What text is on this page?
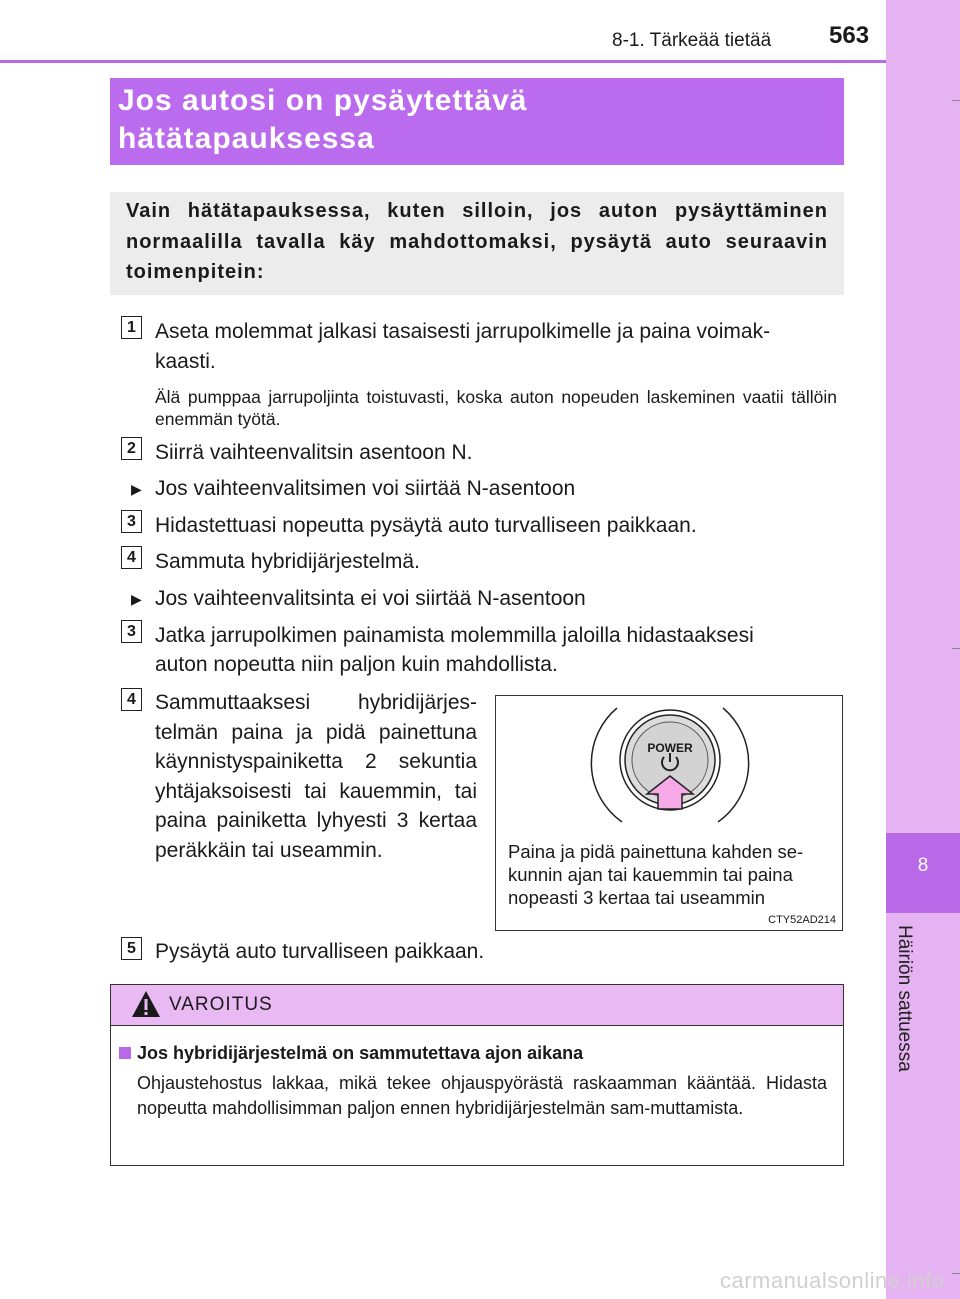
8-1. Tärkeää tietää 563
8
Häiriön sattuessa
Jos autosi on pysäytettävä
hätätapauksessa

Vain hätätapauksessa, kuten silloin, jos auton pysäyttäminen normaalilla tavalla käy mahdottomaksi, pysäytä auto seuraavin toimenpitein:

1 Aseta molemmat jalkasi tasaisesti jarrupolkimelle ja paina voimak-
kaasti.
Älä pumppaa jarrupoljinta toistuvasti, koska auton nopeuden laskeminen vaatii tällöin enemmän työtä.
2 Siirrä vaihteenvalitsin asentoon N.
▶ Jos vaihteenvalitsimen voi siirtää N-asentoon
3 Hidastettuasi nopeutta pysäytä auto turvalliseen paikkaan.
4 Sammuta hybridijärjestelmä.
▶ Jos vaihteenvalitsinta ei voi siirtää N-asentoon
3 Jatka jarrupolkimen painamista molemmilla jaloilla hidastaaksesi
auton nopeutta niin paljon kuin mahdollista.
4 Sammuttaaksesi hybridijärjes-telmän paina ja pidä painettuna käynnistyspainiketta 2 sekuntia yhtäjaksoisesti tai kauemmin, tai paina painiketta lyhyesti 3 kertaa peräkkäin tai useammin.
POWER
Paina ja pidä painettuna kahden se-kunnin ajan tai kauemmin tai paina nopeasti 3 kertaa tai useammin
CTY52AD214
5 Pysäytä auto turvalliseen paikkaan.
VAROITUS
Jos hybridijärjestelmä on sammutettava ajon aikana
Ohjaustehostus lakkaa, mikä tekee ohjauspyörästä raskaamman kääntää. Hidasta nopeutta mahdollisimman paljon ennen hybridijärjestelmän sam-muttamista.
carmanualsonline.info
